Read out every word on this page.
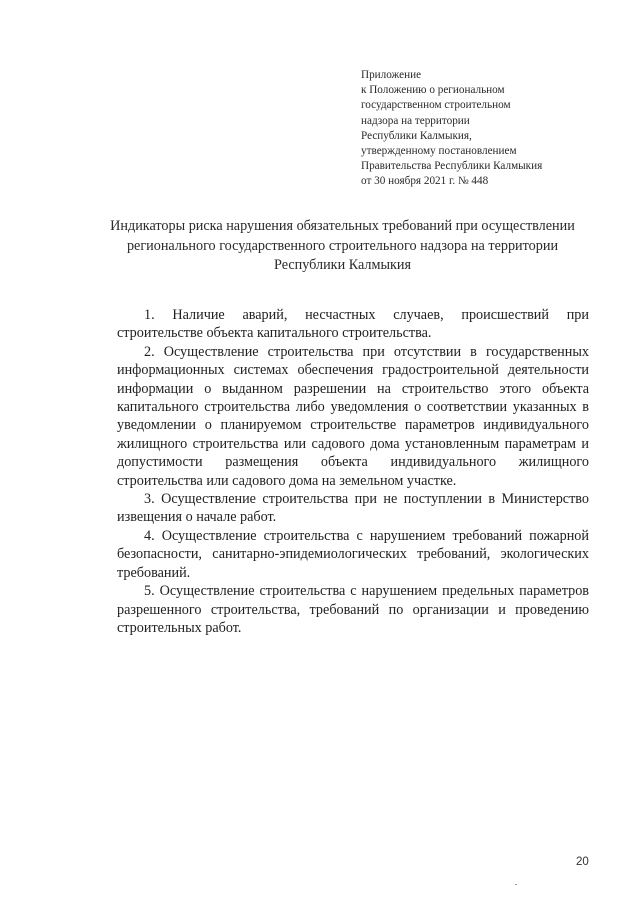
Приложение
к Положению о региональном
государственном строительном
надзора на территории
Республики Калмыкия,
утвержденному постановлением
Правительства Республики Калмыкия
от 30 ноября 2021 г. № 448
Индикаторы риска нарушения обязательных требований при осуществлении
регионального государственного строительного надзора на территории
Республики Калмыкия

1. Наличие аварий, несчастных случаев, происшествий при
строительстве объекта капитального строительства.

2. Осуществление строительства при отсутствии в государственных
информационных системах обеспечения градостроительной деятельности
информации о выданном разрешении на строительство этого объекта
капитального строительства либо уведомления о соответствии указанных в
уведомлении о планируемом строительстве параметров индивидуального
жилищного строительства или садового дома установленным параметрам и
допустимости размещения объекта индивидуального жилищного
строительства или садового дома на земельном участке.

3. Осуществление строительства при не поступлении в Министерство
извещения о начале работ.

4. Осуществление строительства с нарушением требований пожарной
безопасности, санитарно-эпидемиологических требований, экологических
требований.

5. Осуществление строительства с нарушением предельных параметров
разрешенного строительства, требований по организации и проведению
строительных работ.

20
